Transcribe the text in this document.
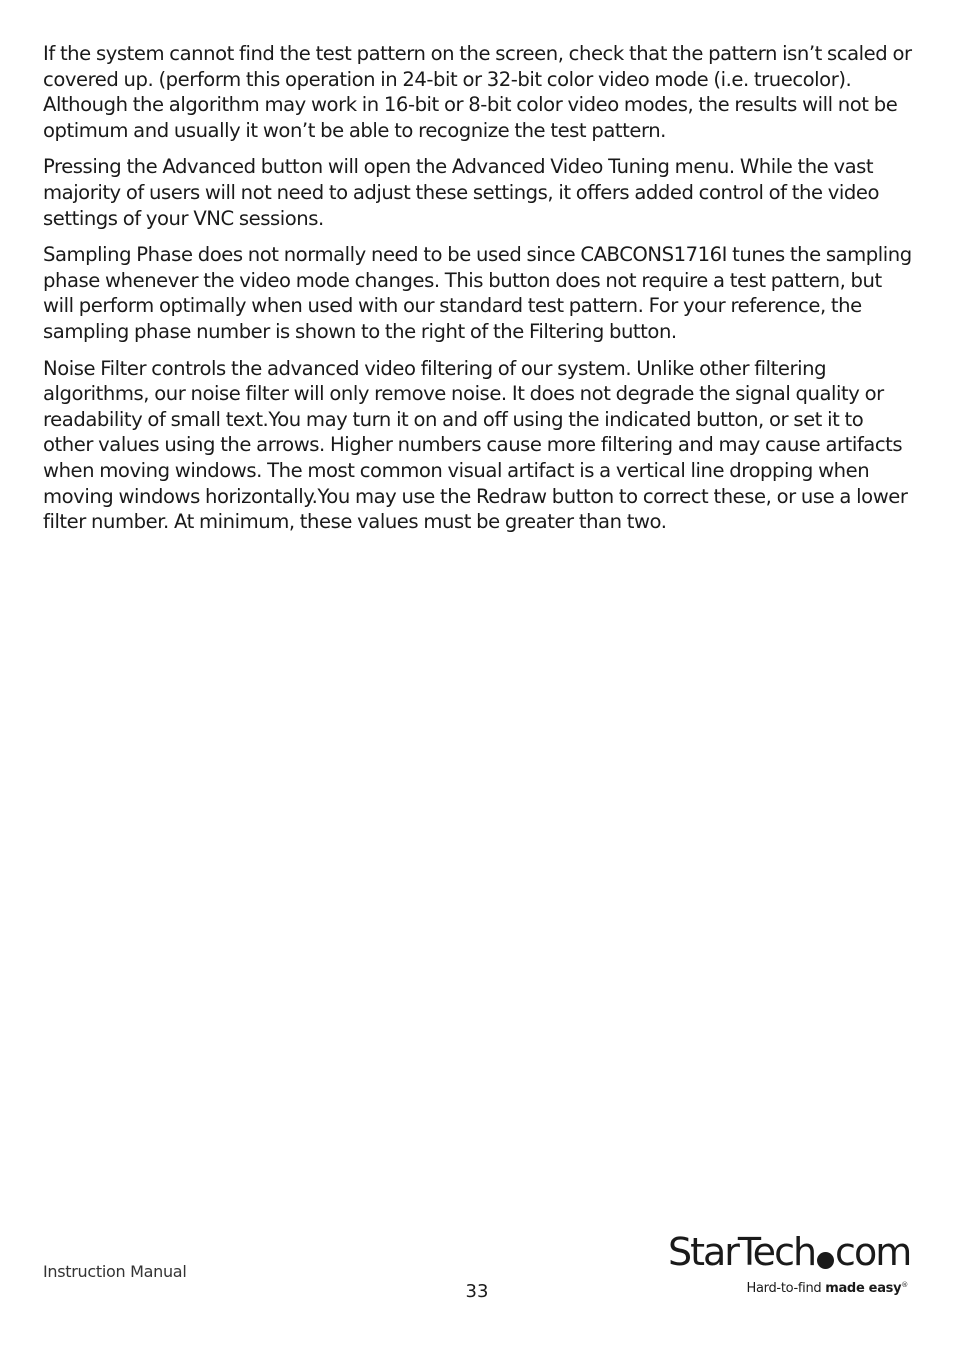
If the system cannot find the test pattern on the screen, check that the pattern isn’t scaled or covered up. (perform this operation in 24-bit or 32-bit color video mode (i.e. truecolor). Although the algorithm may work in 16-bit or 8-bit color video modes, the results will not be optimum and usually it won’t be able to recognize the test pattern.

Pressing the Advanced button will open the Advanced Video Tuning menu. While the vast majority of users will not need to adjust these settings, it offers added control of the video settings of your VNC sessions.

Sampling Phase does not normally need to be used since CABCONS1716I tunes the sampling phase whenever the video mode changes. This button does not require a test pattern, but will perform optimally when used with our standard test pattern. For your reference, the sampling phase number is shown to the right of the Filtering button.

Noise Filter controls the advanced video filtering of our system. Unlike other filtering algorithms, our noise filter will only remove noise. It does not degrade the signal quality or readability of small text.You may turn it on and off using the indicated button, or set it to other values using the arrows. Higher numbers cause more filtering and may cause artifacts when moving windows. The most common visual artifact is a vertical line dropping when moving windows horizontally.You may use the Redraw button to correct these, or use a lower filter number. At minimum, these values must be greater than two.

Instruction Manual
33
StarTech com
Hard-to-find made easy®
